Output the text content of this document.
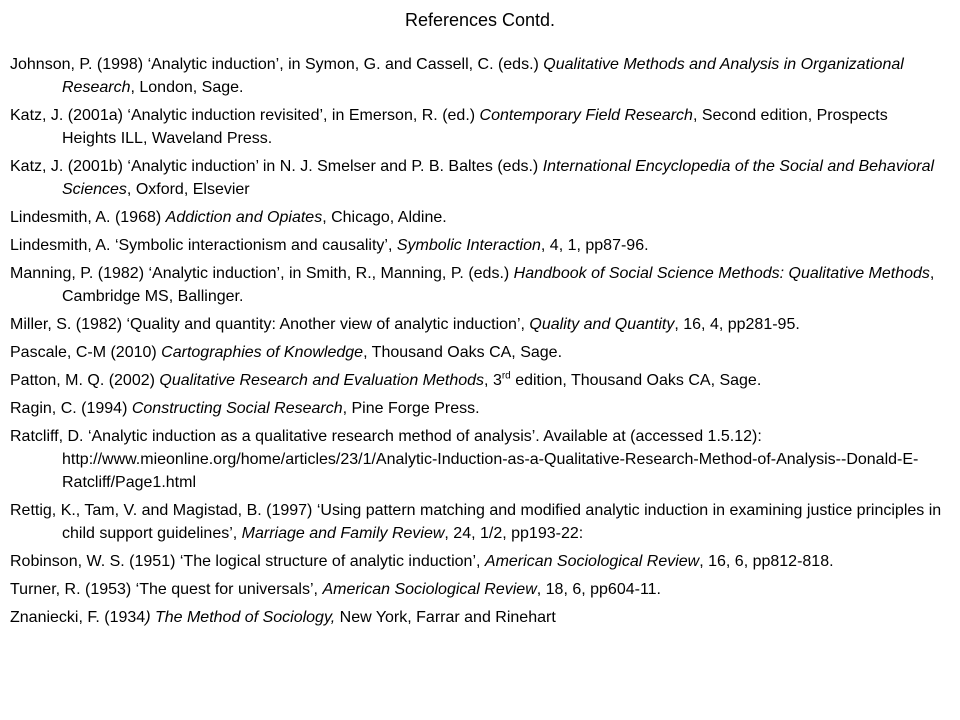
References Contd.
Johnson, P. (1998) ‘Analytic induction’, in Symon, G. and Cassell, C. (eds.) Qualitative Methods and Analysis in Organizational Research, London, Sage.
Katz, J. (2001a) ‘Analytic induction revisited’, in Emerson, R. (ed.) Contemporary Field Research, Second edition, Prospects Heights ILL, Waveland Press.
Katz, J. (2001b) ‘Analytic induction’ in N. J. Smelser and P. B. Baltes (eds.) International Encyclopedia of the Social and Behavioral Sciences, Oxford, Elsevier
Lindesmith, A. (1968) Addiction and Opiates, Chicago, Aldine.
Lindesmith, A. ‘Symbolic interactionism and causality’, Symbolic Interaction, 4, 1, pp87-96.
Manning, P. (1982) ‘Analytic induction’, in Smith, R., Manning, P. (eds.) Handbook of Social Science Methods: Qualitative Methods, Cambridge MS, Ballinger.
Miller, S. (1982) ‘Quality and quantity: Another view of analytic induction’, Quality and Quantity, 16, 4, pp281-95.
Pascale, C-M (2010) Cartographies of Knowledge, Thousand Oaks CA, Sage.
Patton, M. Q. (2002) Qualitative Research and Evaluation Methods, 3rd edition, Thousand Oaks CA, Sage.
Ragin, C. (1994) Constructing Social Research, Pine Forge Press.
Ratcliff, D. ‘Analytic induction as a qualitative research method of analysis’. Available at (accessed 1.5.12): http://www.mieonline.org/home/articles/23/1/Analytic-Induction-as-a-Qualitative-Research-Method-of-Analysis--Donald-E-Ratcliff/Page1.html
Rettig, K., Tam, V. and Magistad, B. (1997) ‘Using pattern matching and modified analytic induction in examining justice principles in child support guidelines’, Marriage and Family Review, 24, 1/2, pp193-22:
Robinson, W. S. (1951) ‘The logical structure of analytic induction’, American Sociological Review, 16, 6, pp812-818.
Turner, R. (1953) ‘The quest for universals’, American Sociological Review, 18, 6, pp604-11.
Znaniecki, F. (1934) The Method of Sociology, New York, Farrar and Rinehart
